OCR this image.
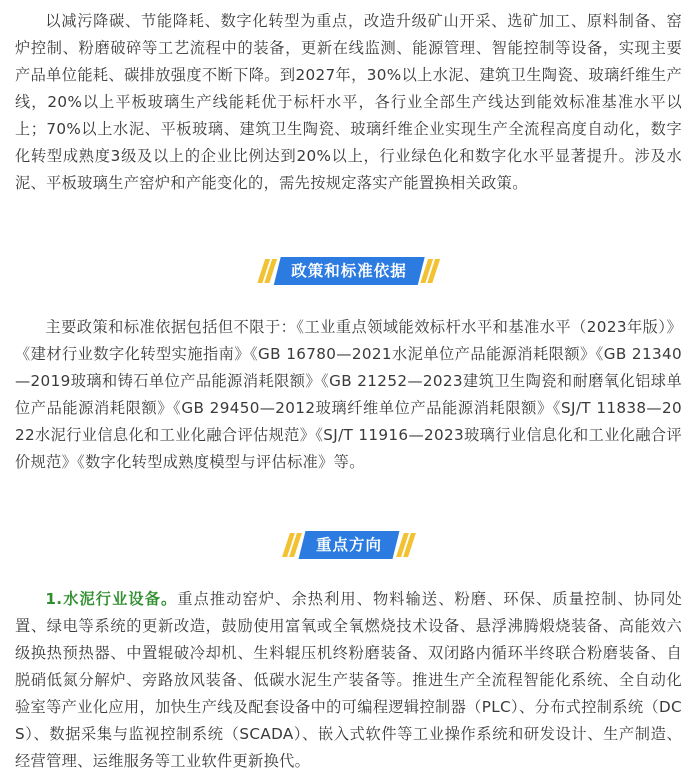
以减污降碳、节能降耗、数字化转型为重点，改造升级矿山开采、选矿加工、原料制备、窑炉控制、粉磨破碎等工艺流程中的装备，更新在线监测、能源管理、智能控制等设备，实现主要产品单位能耗、碳排放强度不断下降。到2027年，30%以上水泥、建筑卫生陶瓷、玻璃纤维生产线，20%以上平板玻璃生产线能耗优于标杆水平，各行业全部生产线达到能效标准基准水平以上；70%以上水泥、平板玻璃、建筑卫生陶瓷、玻璃纤维企业实现生产全流程高度自动化，数字化转型成熟度3级及以上的企业比例达到20%以上，行业绿色化和数字化水平显著提升。涉及水泥、平板玻璃生产窑炉和产能变化的，需先按规定落实产能置换相关政策。

政策和标准依据

主要政策和标准依据包括但不限于：《工业重点领域能效标杆水平和基准水平（2023年版）》《建材行业数字化转型实施指南》《GB 16780—2021水泥单位产品能源消耗限额》《GB 21340—2019玻璃和铸石单位产品能源消耗限额》《GB 21252—2023建筑卫生陶瓷和耐磨氧化铝球单位产品能源消耗限额》《GB 29450—2012玻璃纤维单位产品能源消耗限额》《SJ/T 11838—2022水泥行业信息化和工业化融合评估规范》《SJ/T 11916—2023玻璃行业信息化和工业化融合评价规范》《数字化转型成熟度模型与评估标准》等。

重点方向

1.水泥行业设备。重点推动窑炉、余热利用、物料输送、粉磨、环保、质量控制、协同处置、绿电等系统的更新改造，鼓励使用富氧或全氧燃烧技术设备、悬浮沸腾煅烧装备、高能效六级换热预热器、中置辊破冷却机、生料辊压机终粉磨装备、双闭路内循环半终联合粉磨装备、自脱硝低氮分解炉、旁路放风装备、低碳水泥生产装备等。推进生产全流程智能化系统、全自动化验室等产业化应用，加快生产线及配套设备中的可编程逻辑控制器（PLC）、分布式控制系统（DCS）、数据采集与监视控制系统（SCADA）、嵌入式软件等工业操作系统和研发设计、生产制造、经营管理、运维服务等工业软件更新换代。
